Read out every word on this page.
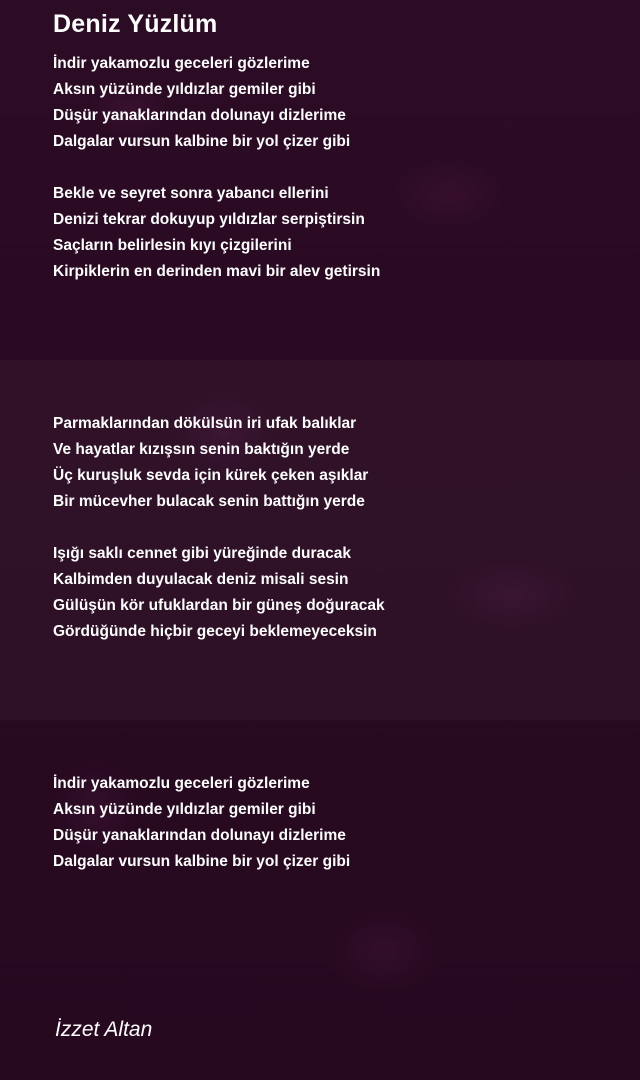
Deniz Yüzlüm
İndir yakamozlu geceleri gözlerime
Aksın yüzünde yıldızlar gemiler gibi
Düşür yanaklarından dolunayı dizlerime
Dalgalar vursun kalbine bir yol çizer gibi
Bekle ve seyret sonra yabancı ellerini
Denizi tekrar dokuyup yıldızlar serpiştirsin
Saçların belirlesin kıyı çizgilerini
Kirpiklerin en derinden mavi bir alev getirsin
Parmaklarından dökülsün iri ufak balıklar
Ve hayatlar kızışsın senin baktığın yerde
Üç kuruşluk sevda için kürek çeken aşıklar
Bir mücevher bulacak senin battığın yerde
Işığı saklı cennet gibi yüreğinde duracak
Kalbimden duyulacak deniz misali sesin
Gülüşün kör ufuklardan bir güneş doğuracak
Gördüğünde hiçbir geceyi beklemeyeceksin
İndir yakamozlu geceleri gözlerime
Aksın yüzünde yıldızlar gemiler gibi
Düşür yanaklarından dolunayı dizlerime
Dalgalar vursun kalbine bir yol çizer gibi
İzzet Altan
